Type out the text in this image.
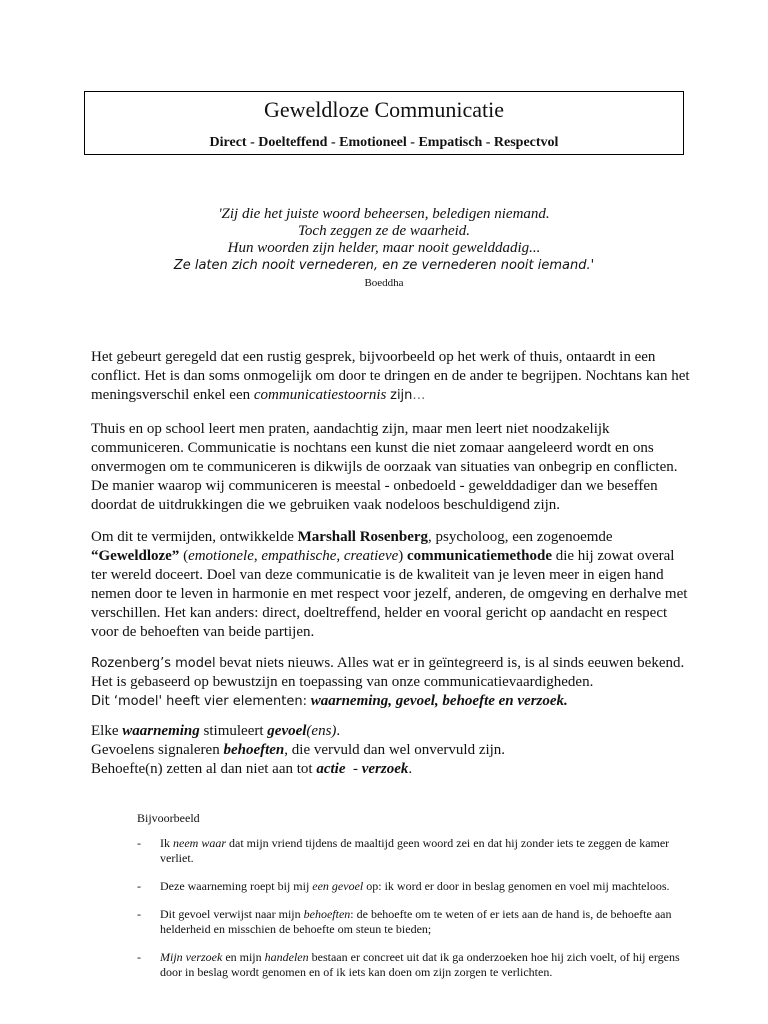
Geweldloze Communicatie
Direct - Doelteffend - Emotioneel - Empatisch - Respectvol
'Zij die het juiste woord beheersen, beledigen niemand.
Toch zeggen ze de waarheid.
Hun woorden zijn helder, maar nooit gewelddadig...
Ze laten zich nooit vernederen, en ze vernederen nooit iemand.'
Boeddha

Het gebeurt geregeld dat een rustig gesprek, bijvoorbeeld op het werk of thuis, ontaardt in een conflict. Het is dan soms onmogelijk om door te dringen en de ander te begrijpen. Nochtans kan het meningsverschil enkel een communicatiestoornis zijn…

Thuis en op school leert men praten, aandachtig zijn, maar men leert niet noodzakelijk communiceren. Communicatie is nochtans een kunst die niet zomaar aangeleerd wordt en ons onvermogen om te communiceren is dikwijls de oorzaak van situaties van onbegrip en conflicten. De manier waarop wij communiceren is meestal - onbedoeld - gewelddadiger dan we beseffen doordat de uitdrukkingen die we gebruiken vaak nodeloos beschuldigend zijn.

Om dit te vermijden, ontwikkelde Marshall Rosenberg, psycholoog, een zogenoemde
“Geweldloze” (emotionele, empathische, creatieve) communicatiemethode die hij zowat overal ter wereld doceert. Doel van deze communicatie is de kwaliteit van je leven meer in eigen hand nemen door te leven in harmonie en met respect voor jezelf, anderen, de omgeving en derhalve met verschillen. Het kan anders: direct, doeltreffend, helder en vooral gericht op aandacht en respect voor de behoeften van beide partijen.

Rozenberg’s model bevat niets nieuws. Alles wat er in geïntegreerd is, is al sinds eeuwen bekend. Het is gebaseerd op bewustzijn en toepassing van onze communicatievaardigheden.
Dit ‘model' heeft vier elementen: waarneming, gevoel, behoefte en verzoek.

Elke waarneming stimuleert gevoel(ens).
Gevoelens signaleren behoeften, die vervuld dan wel onvervuld zijn.
Behoefte(n) zetten al dan niet aan tot actie  - verzoek.

Bijvoorbeeld
- Ik neem waar dat mijn vriend tijdens de maaltijd geen woord zei en dat hij zonder iets te zeggen de kamer verliet.
- Deze waarneming roept bij mij een gevoel op: ik word er door in beslag genomen en voel mij machteloos.
- Dit gevoel verwijst naar mijn behoeften: de behoefte om te weten of er iets aan de hand is, de behoefte aan helderheid en misschien de behoefte om steun te bieden;
- Mijn verzoek en mijn handelen bestaan er concreet uit dat ik ga onderzoeken hoe hij zich voelt, of hij ergens door in beslag wordt genomen en of ik iets kan doen om zijn zorgen te verlichten.
